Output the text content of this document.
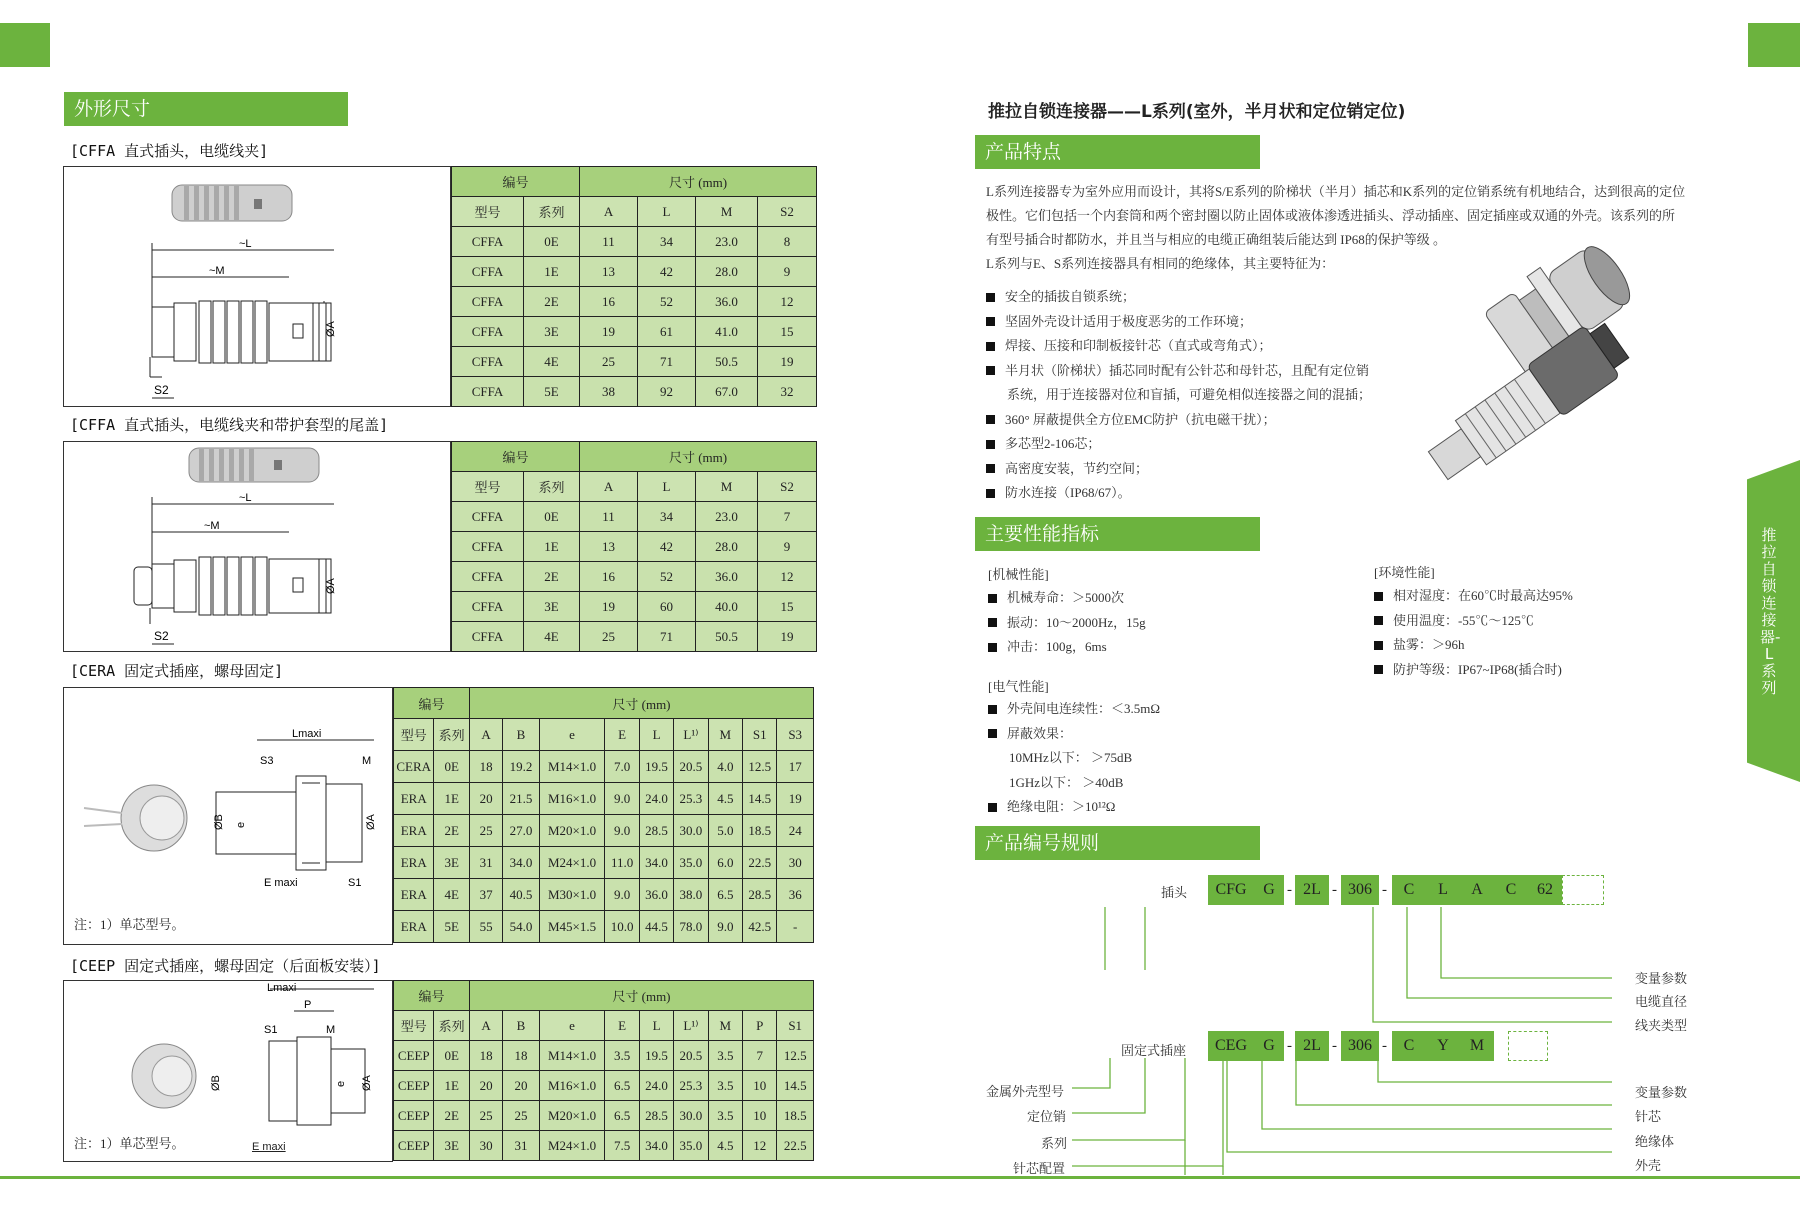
外形尺寸
[CFFA 直式插头，电缆线夹]
~L
~M
ØA
S2
编号		尺寸 (mm)			
型号	系列	A	L	M	S2
CFFA	0E	11	34	23.0	8
CFFA	1E	13	42	28.0	9
CFFA	2E	16	52	36.0	12
CFFA	3E	19	61	41.0	15
CFFA	4E	25	71	50.5	19
CFFA	5E	38	92	67.0	32
[CFFA 直式插头，电缆线夹和带护套型的尾盖]
~L
~M
ØA
S2
编号		尺寸 (mm)			
型号	系列	A	L	M	S2
CFFA	0E	11	34	23.0	7
CFFA	1E	13	42	28.0	9
CFFA	2E	16	52	36.0	12
CFFA	3E	19	60	40.0	15
CFFA	4E	25	71	50.5	19
[CERA 固定式插座，螺母固定]
Lmaxi
S3	M
ØB e	ØA
E maxi	S1
注：1）单芯型号。
编号		尺寸 (mm)								
型号	系列	A	B	e	E	L	L¹⁾	M	S1	S3
CERA	0E	18	19.2	M14×1.0	7.0	19.5	20.5	4.0	12.5	17
ERA	1E	20	21.5	M16×1.0	9.0	24.0	25.3	4.5	14.5	19
ERA	2E	25	27.0	M20×1.0	9.0	28.5	30.0	5.0	18.5	24
ERA	3E	31	34.0	M24×1.0	11.0	34.0	35.0	6.0	22.5	30
ERA	4E	37	40.5	M30×1.0	9.0	36.0	38.0	6.5	28.5	36
ERA	5E	55	54.0	M45×1.5	10.0	44.5	78.0	9.0	42.5	-
[CEEP 固定式插座，螺母固定（后面板安装）]
Lmaxi
P
S1	M
ØB	e ØA
注：1）单芯型号。	E maxi
编号		尺寸 (mm)								
型号	系列	A	B	e	E	L	L¹⁾	M	P	S1
CEEP	0E	18	18	M14×1.0	3.5	19.5	20.5	3.5	7	12.5
CEEP	1E	20	20	M16×1.0	6.5	24.0	25.3	3.5	10	14.5
CEEP	2E	25	25	M20×1.0	6.5	28.5	30.0	3.5	10	18.5
CEEP	3E	30	31	M24×1.0	7.5	34.0	35.0	4.5	12	22.5
推拉自锁连接器——L系列(室外，半月状和定位销定位)
产品特点
L系列连接器专为室外应用而设计，其将S/E系列的阶梯状（半月）插芯和K系列的定位销系统有机地结合，达到很高的定位
极性。它们包括一个内套筒和两个密封圈以防止固体或液体渗透进插头、浮动插座、固定插座或双通的外壳。该系列的所
有型号插合时都防水，并且当与相应的电缆正确组装后能达到 IP68的保护等级 。
L系列与E、S系列连接器具有相同的绝缘体，其主要特征为：
安全的插拔自锁系统；
坚固外壳设计适用于极度恶劣的工作环境；
焊接、压接和印制板接针芯（直式或弯角式）；
半月状（阶梯状）插芯同时配有公针芯和母针芯，且配有定位销
系统，用于连接器对位和盲插，可避免相似连接器之间的混插；
360° 屏蔽提供全方位EMC防护（抗电磁干扰）；
多芯型2-106芯；
高密度安装，节约空间；
防水连接（IP68/67）。
主要性能指标
[机械性能]
机械寿命：＞5000次
振动：10～2000Hz，15g
冲击：100g，6ms
[电气性能]
外壳间电连续性：＜3.5mΩ
屏蔽效果：
10MHz以下： ＞75dB
1GHz以下： ＞40dB
绝缘电阻：＞10¹²Ω
[环境性能]
相对湿度：在60℃时最高达95%
使用温度：-55℃～125℃
盐雾：＞96h
防护等级：IP67~IP68(插合时)
产品编号规则
插头	CFG	G - 2L - 306 -	C	L	A	C	62
变量参数
电缆直径
线夹类型
固定式插座	CEG	G - 2L - 306 -	C	Y	M
变量参数
针芯
绝缘体
外壳
金属外壳型号
定位销
系列
针芯配置
推拉自锁连接器-L系列
